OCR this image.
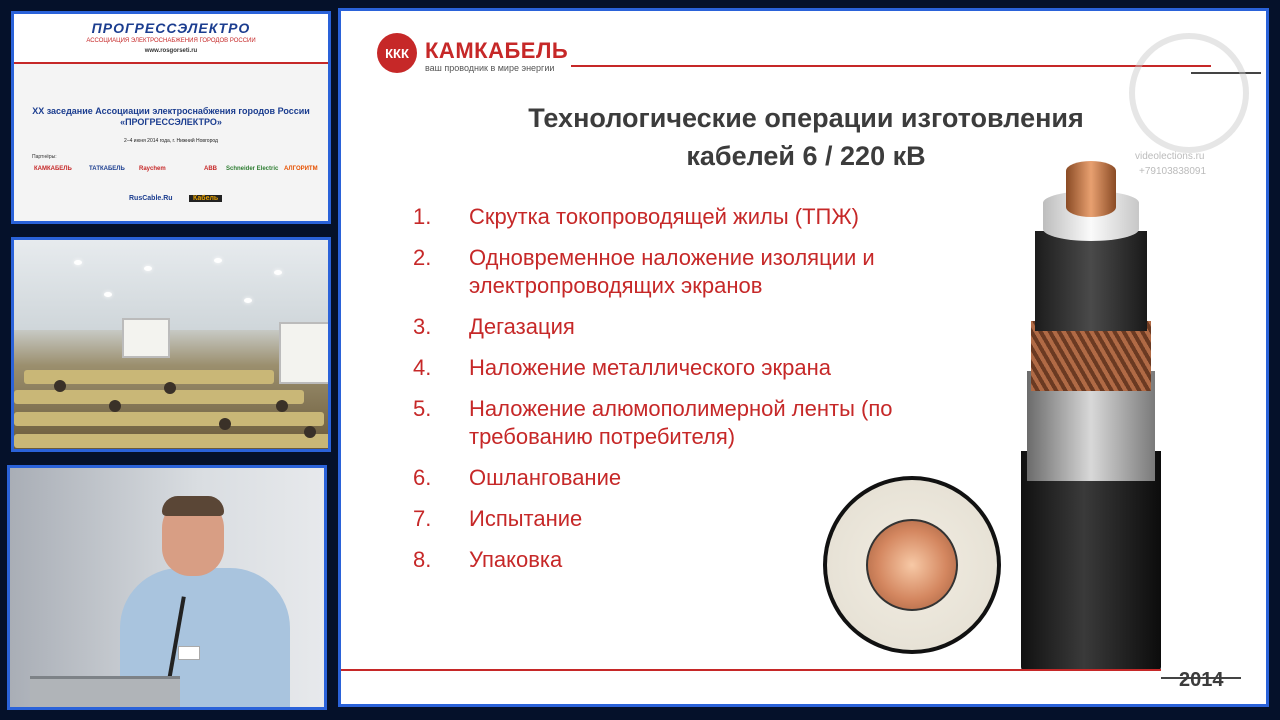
ПРОГРЕССЭЛЕКТРО
АССОЦИАЦИЯ ЭЛЕКТРОСНАБЖЕНИЯ ГОРОДОВ РОССИИ
www.rosgorseti.ru
XX заседание Ассоциации электроснабжения городов России «ПРОГРЕССЭЛЕКТРО»
2–4 июня 2014 года, г. Нижний Новгород
Партнёры:
КАМКАБЕЛЬ	ТАТКАБЕЛЬ Raychem	ABB Schneider Electric АЛГОРИТМ
RusCable.Ru	Кабель
ККК КАМКАБЕЛЬ
ваш проводник в мире энергии
videolections.ru
+79103838091
Технологические операции изготовления кабелей 6 / 220 кВ
1.	Скрутка токопроводящей жилы (ТПЖ)
2.	Одновременное наложение изоляции и электропроводящих экранов
3.	Дегазация
4.	Наложение металлического экрана
5.	Наложение алюмополимерной ленты (по требованию потребителя)
6.	Ошлангование
7.	Испытание
8.	Упаковка
2014
